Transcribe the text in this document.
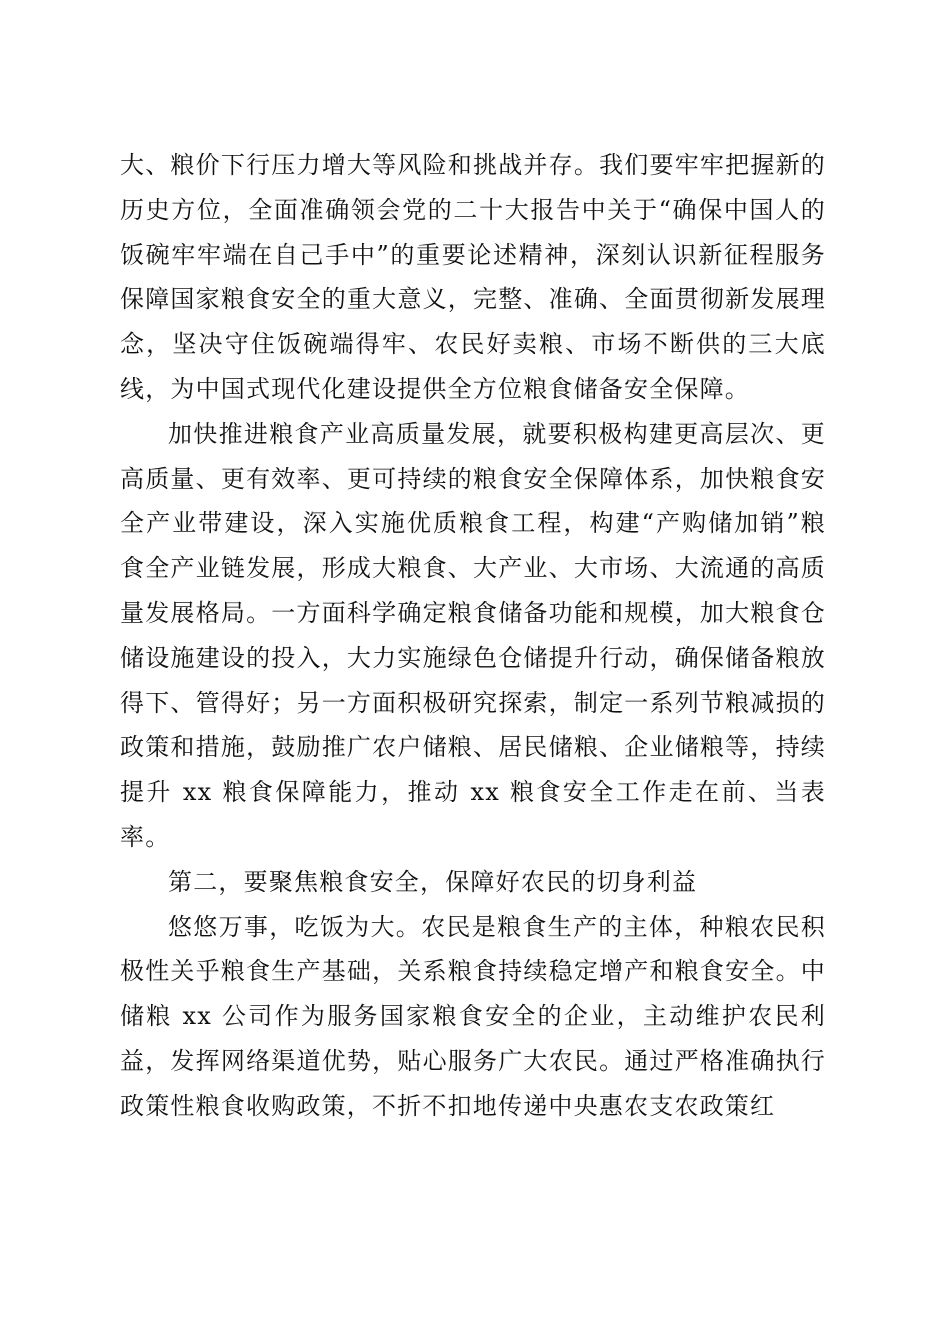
大、粮价下行压力增大等风险和挑战并存。我们要牢牢把握新的历史方位，全面准确领会党的二十大报告中关于“确保中国人的饭碗牢牢端在自己手中”的重要论述精神，深刻认识新征程服务保障国家粮食安全的重大意义，完整、准确、全面贯彻新发展理念，坚决守住饭碗端得牢、农民好卖粮、市场不断供的三大底线，为中国式现代化建设提供全方位粮食储备安全保障。

加快推进粮食产业高质量发展，就要积极构建更高层次、更高质量、更有效率、更可持续的粮食安全保障体系，加快粮食安全产业带建设，深入实施优质粮食工程，构建“产购储加销”粮食全产业链发展，形成大粮食、大产业、大市场、大流通的高质量发展格局。一方面科学确定粮食储备功能和规模，加大粮食仓储设施建设的投入，大力实施绿色仓储提升行动，确保储备粮放得下、管得好；另一方面积极研究探索，制定一系列节粮减损的政策和措施，鼓励推广农户储粮、居民储粮、企业储粮等，持续提升 xx 粮食保障能力，推动 xx 粮食安全工作走在前、当表率。

第二，要聚焦粮食安全，保障好农民的切身利益

悠悠万事，吃饭为大。农民是粮食生产的主体，种粮农民积极性关乎粮食生产基础，关系粮食持续稳定增产和粮食安全。中储粮 xx 公司作为服务国家粮食安全的企业，主动维护农民利益，发挥网络渠道优势，贴心服务广大农民。通过严格准确执行政策性粮食收购政策，不折不扣地传递中央惠农支农政策红
